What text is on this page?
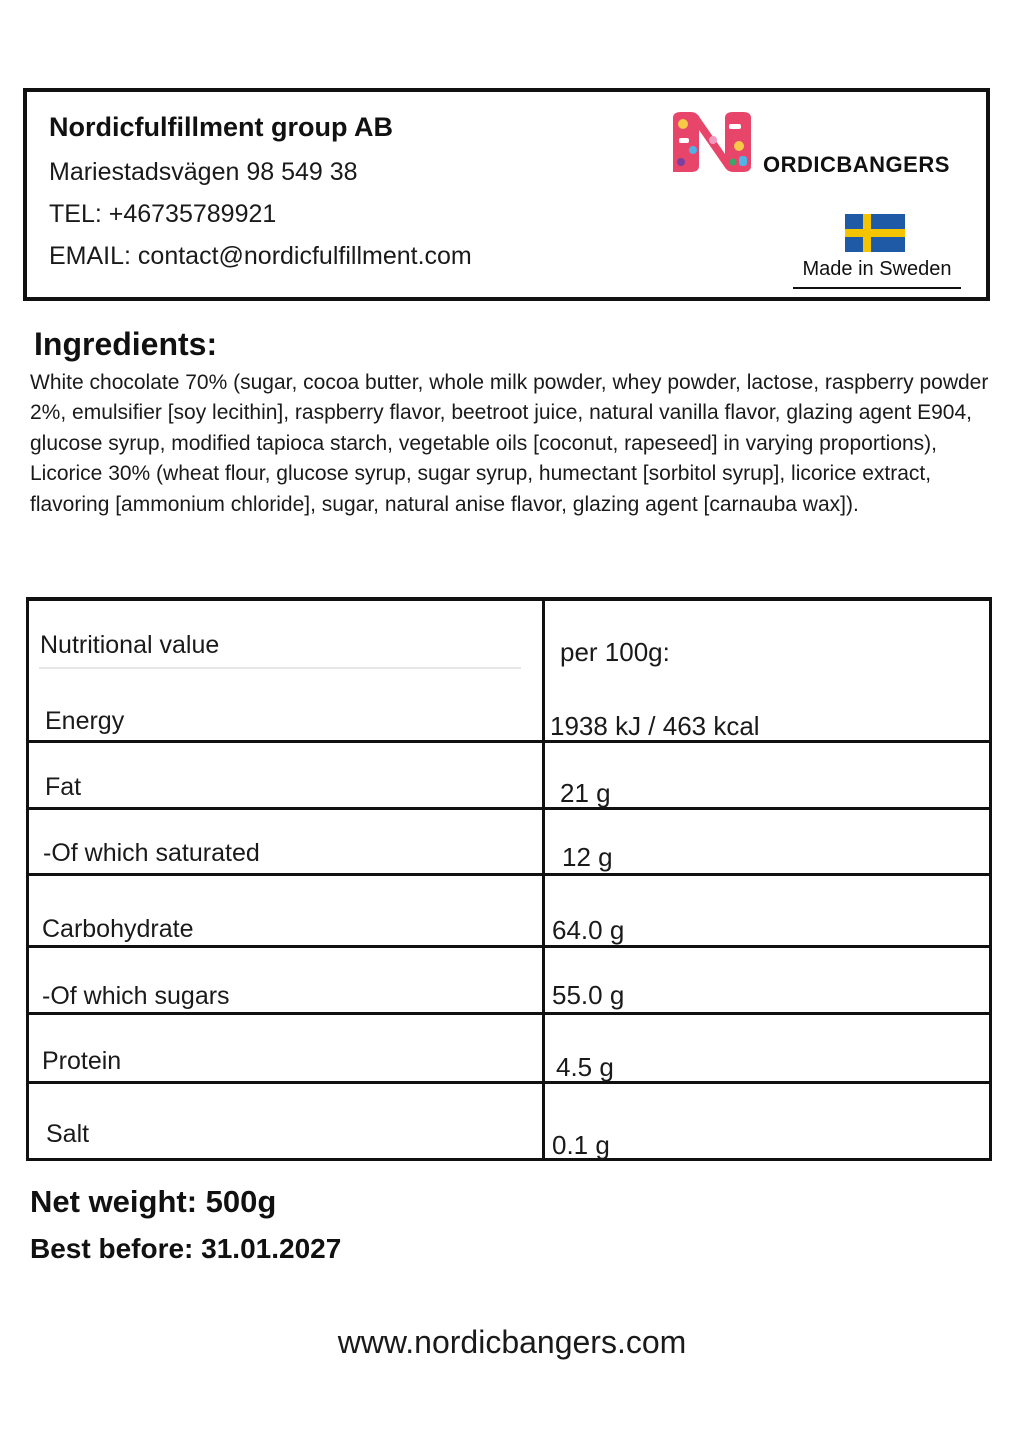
Nordicfulfillment group AB
Mariestadsvägen 98 549 38
TEL: +46735789921
EMAIL: contact@nordicfulfillment.com
ORDICBANGERS
Made in Sweden
Ingredients:
White chocolate 70% (sugar, cocoa butter, whole milk powder, whey powder, lactose, raspberry powder 2%, emulsifier [soy lecithin], raspberry flavor, beetroot juice, natural vanilla flavor, glazing agent E904, glucose syrup, modified tapioca starch, vegetable oils [coconut, rapeseed] in varying proportions),
Licorice 30% (wheat flour, glucose syrup, sugar syrup, humectant [sorbitol syrup], licorice extract, flavoring [ammonium chloride], sugar, natural anise flavor, glazing agent [carnauba wax]).
Nutritional value	per 100g:
Energy	1938 kJ / 463 kcal
Fat	21 g
-Of which saturated	12 g
Carbohydrate	64.0 g
-Of which sugars	55.0 g
Protein	4.5 g
Salt	0.1 g
Net weight: 500g
Best before: 31.01.2027
www.nordicbangers.com
